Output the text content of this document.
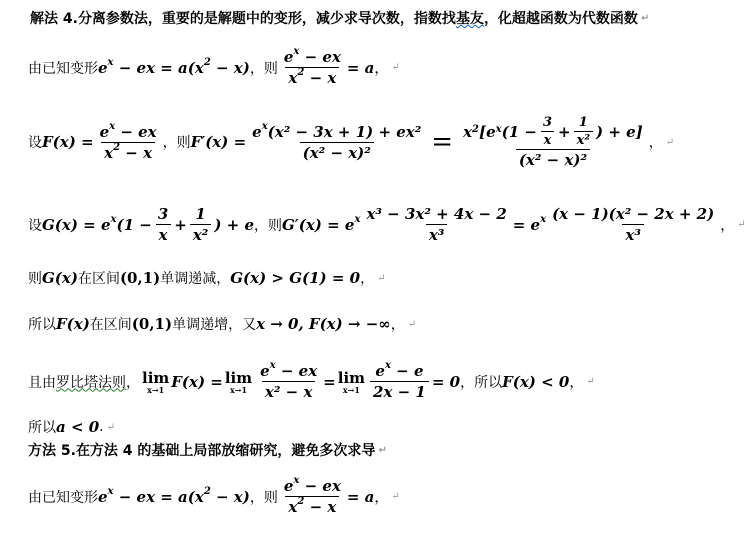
解法 4. 分离参数法，重要的是解题中的变形，减少求导次数，指数找 基友 ，化超越函数为代数函数 ↵
由已知变形 $e^x$ − ex = $a(x^2 - x)$ ，则 $\frac{e^x - ex}{x^2 - x} = a$ ， ↵
设 $F(x) = \frac{e^x - ex}{x^2 - x}$ ，则 $F'(x) = \frac{e^x(x^2 - 3x + 1) + ex^2}{\text{(x² − x)²}} = \frac{x^2 [e^x (1 - \frac{3}{x} + \frac{1}{\text{x²}} ) + e]}{\text{(x² − x)²}}$ ， ↵
设 $G(x) = e^x(1 - \frac{3}{x} + \frac{1}{\text{x²}}$ ) + e ，则 $G'(x) = e^x \frac{\text{x³ − 3x² + 4x − 2}}{\text{x³}} = e^x \frac{\text{(x − 1)(x² − 2x + 2)}}{\text{x³}}$ ， ↵
则 G(x) 在区间 (0,1) 单调递减， G(x) > G(1) = 0 ， ↵
所以 F(x) 在区间 (0,1) 单调递增，又 x → 0, F(x) → −∞ ， ↵
且由 罗比塔法则 ， lim
x→1 F(x) = lim
$x\to 1 \frac{e^x - ex}{\text{x² − x}} = \lim$
$x\to 1 \frac{e^x - e}{2x - 1} = 0$ ，所以 F(x) < 0 ， ↵
所以 a < 0 . ↵
方法 5. 在方法 4 的基础上局部放缩研究，避免多次求导 ↵
由已知变形 $e^x$ − ex = $a(x^2 - x)$ ，则 $\frac{e^x - ex}{x^2 - x} = a$ ， ↵
